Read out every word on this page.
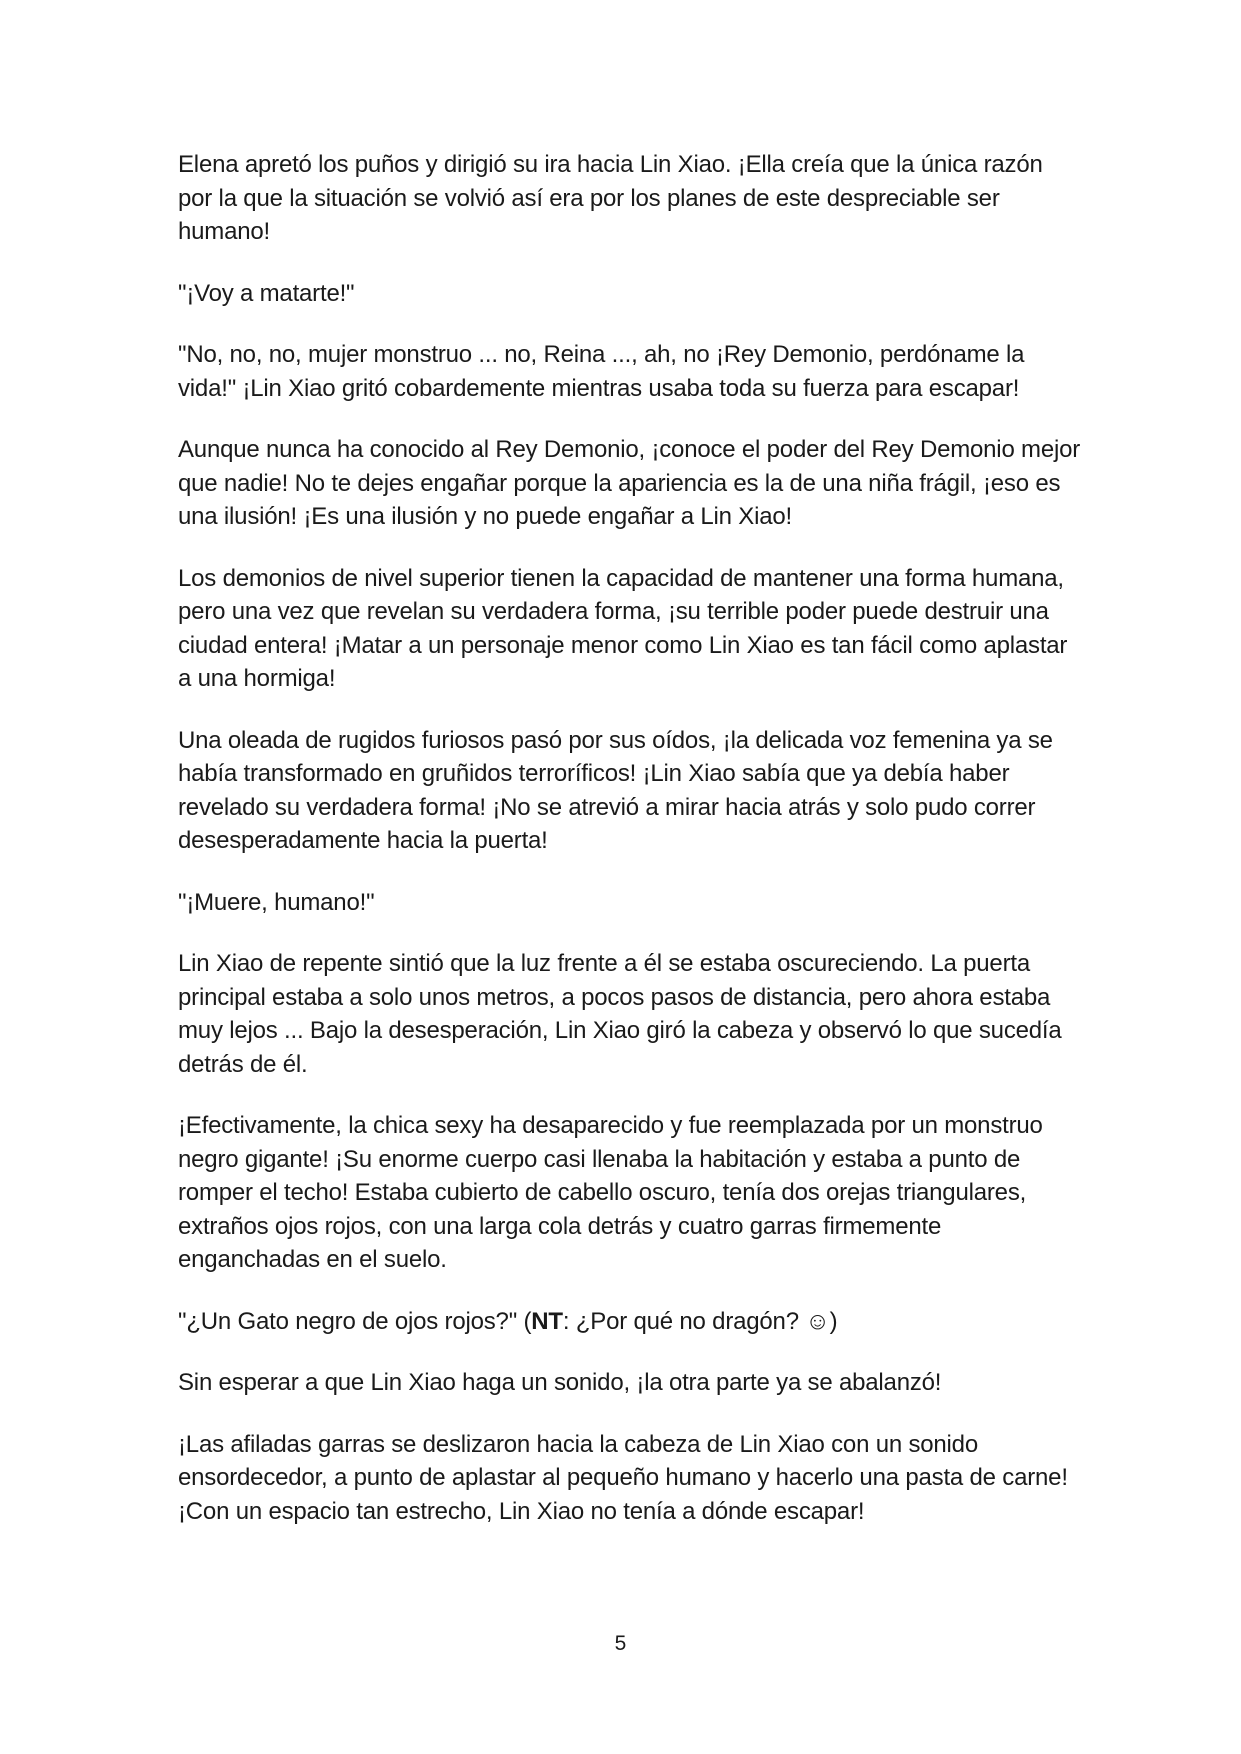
Elena apretó los puños y dirigió su ira hacia Lin Xiao. ¡Ella creía que la única razón por la que la situación se volvió así era por los planes de este despreciable ser humano!

"¡Voy a matarte!"

"No, no, no, mujer monstruo ... no, Reina ..., ah, no ¡Rey Demonio, perdóname la vida!" ¡Lin Xiao gritó cobardemente mientras usaba toda su fuerza para escapar!

Aunque nunca ha conocido al Rey Demonio, ¡conoce el poder del Rey Demonio mejor que nadie! No te dejes engañar porque la apariencia es la de una niña frágil, ¡eso es una ilusión! ¡Es una ilusión y no puede engañar a Lin Xiao!

Los demonios de nivel superior tienen la capacidad de mantener una forma humana, pero una vez que revelan su verdadera forma, ¡su terrible poder puede destruir una ciudad entera! ¡Matar a un personaje menor como Lin Xiao es tan fácil como aplastar a una hormiga!

Una oleada de rugidos furiosos pasó por sus oídos, ¡la delicada voz femenina ya se había transformado en gruñidos terroríficos! ¡Lin Xiao sabía que ya debía haber revelado su verdadera forma! ¡No se atrevió a mirar hacia atrás y solo pudo correr desesperadamente hacia la puerta!

"¡Muere, humano!"

Lin Xiao de repente sintió que la luz frente a él se estaba oscureciendo. La puerta principal estaba a solo unos metros, a pocos pasos de distancia, pero ahora estaba muy lejos ... Bajo la desesperación, Lin Xiao giró la cabeza y observó lo que sucedía detrás de él.

¡Efectivamente, la chica sexy ha desaparecido y fue reemplazada por un monstruo negro gigante! ¡Su enorme cuerpo casi llenaba la habitación y estaba a punto de romper el techo! Estaba cubierto de cabello oscuro, tenía dos orejas triangulares, extraños ojos rojos, con una larga cola detrás y cuatro garras firmemente enganchadas en el suelo.

"¿Un Gato negro de ojos rojos?" (NT: ¿Por qué no dragón? ☺)

Sin esperar a que Lin Xiao haga un sonido, ¡la otra parte ya se abalanzó!

¡Las afiladas garras se deslizaron hacia la cabeza de Lin Xiao con un sonido ensordecedor, a punto de aplastar al pequeño humano y hacerlo una pasta de carne! ¡Con un espacio tan estrecho, Lin Xiao no tenía a dónde escapar!

5
